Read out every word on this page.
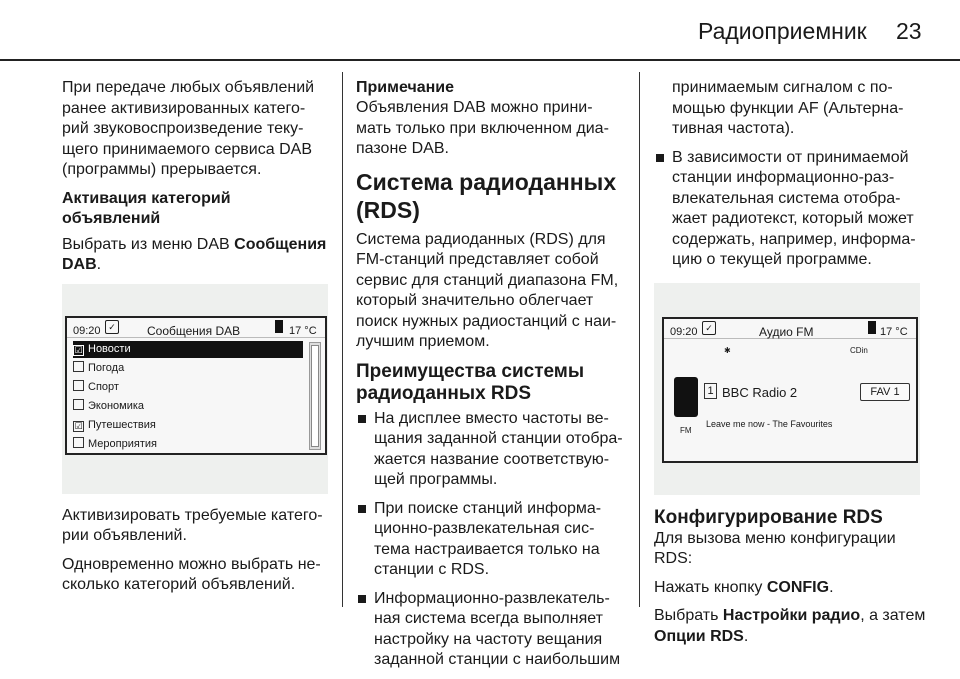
Радиоприемник 23

При передаче любых объявлений ранее активизированных катего- рий звуковоспроизведение теку- щего принимаемого сервиса DAB (программы) прерывается.

Активация категорий объявлений

Выбрать из меню DAB Сообщения DAB.

09:20 ✓	Сообщения DAB	17 °C
☑ Новости
Погода
Спорт
Экономика
☑ Путешествия
Мероприятия

Активизировать требуемые катего- рии объявлений.

Одновременно можно выбрать не- сколько категорий объявлений.

Примечание

Объявления DAB можно прини- мать только при включенном диа- пазоне DAB.

Система радиоданных (RDS)

Система радиоданных (RDS) для FM-станций представляет собой сервис для станций диапазона FM, который значительно облегчает поиск нужных радиостанций с наи- лучшим приемом.

Преимущества системы радиоданных RDS
На дисплее вместо частоты ве- щания заданной станции отобра- жается название соответствую- щей программы.
При поиске станций информа- ционно-развлекательная сис- тема настраивается только на станции с RDS.
Информационно-развлекатель- ная система всегда выполняет настройку на частоту вещания заданной станции с наибольшим
принимаемым сигналом с по- мощью функции AF (Альтерна- тивная частота).
В зависимости от принимаемой станции информационно-раз- влекательная система отобра- жает радиотекст, который может содержать, например, информа- цию о текущей программе.
09:20 ✓	Аудио FM	17 °C
✱	CDin
FM
1 BBC Radio 2	FAV 1
Leave me now - The Favourites
Конфигурирование RDS

Для вызова меню конфигурации RDS:

Нажать кнопку CONFIG.

Выбрать Настройки радио, а затем Опции RDS.
